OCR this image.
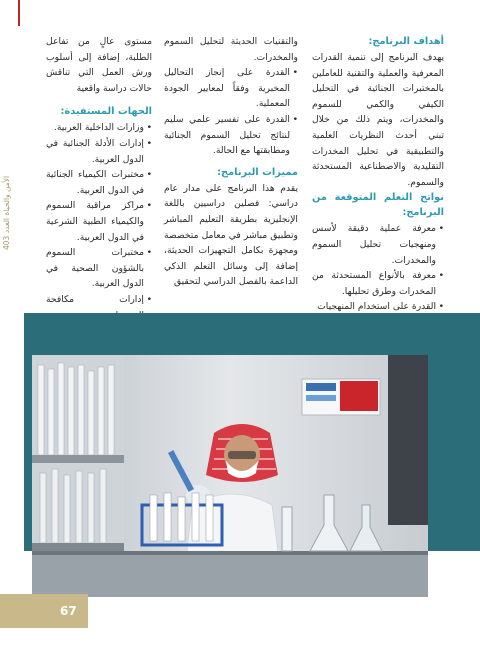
الأمن والحياة العدد 403
أهداف البرنامج:

يهدف البرنامج إلى تنمية القدرات المعرفية والعملية والتقنية للعاملين بالمختبرات الجنائية في التحليل الكيفي والكمي للسموم والمخدرات، ويتم ذلك من خلال تبني أحدث النظريات العلمية والتطبيقية في تحليل المخدرات التقليدية والاصطناعية المستحدثة والسموم.

نواتج التعلم المتوقعة من البرنامج:
• معرفة عملية دقيقة لأسس ومنهجيات تحليل السموم والمخدرات.
• معرفة بالأنواع المستحدثة من المخدرات وطرق تحليلها.
• القدرة على استخدام المنهجيات

والتقنيات الحديثة لتحليل السموم والمخدرات.

• القدرة على إنجاز التحاليل المخبرية وفقاً لمعايير الجودة المعملية.
• القدرة على تفسير علمي سليم لنتائج تحليل السموم الجنائية ومطابقتها مع الحالة.
مميزات البرنامج:

يقدم هذا البرنامج على مدار عام دراسي: فصلين دراسيين باللغة الإنجليزية بطريقة التعليم المباشر وتطبيق مباشر في معامل متخصصة ومجهزة بكامل التجهيزات الحديثة، إضافة إلى وسائل التعلم الذكي الداعمة بالفصل الدراسي لتحقيق

مستوى عالٍ من تفاعل الطلبة، إضافة إلى أسلوب ورش العمل التي تناقش حالات دراسة واقعية

الجهات المستفيدة:
• وزارات الداخلية العربية.
• إدارات الأدلة الجنائية في الدول العربية.
• مختبرات الكيمياء الجنائية في الدول العربية.
• مراكز مراقبة السموم والكيمياء الطبية الشرعية في الدول العربية.
• مختبرات السموم بالشؤون الصحية في الدول العربية.
• إدارات مكافحة
67
